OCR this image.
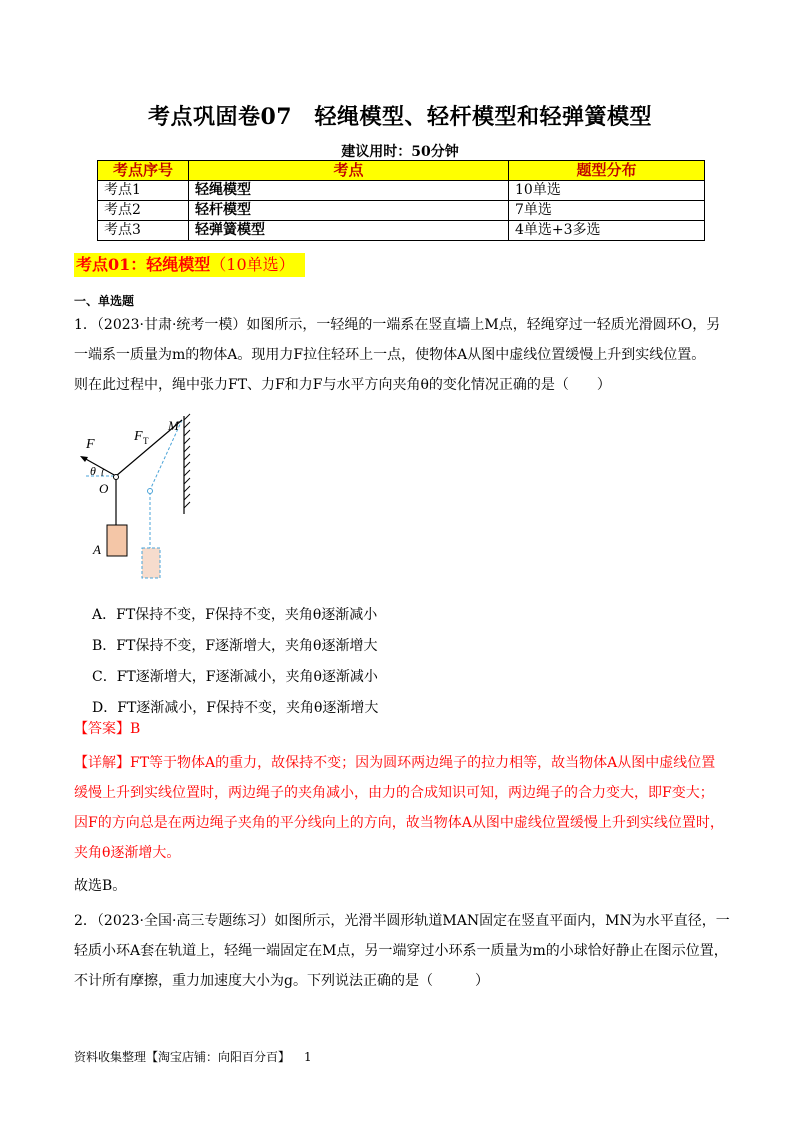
考点巩固卷07　轻绳模型、轻杆模型和轻弹簧模型
建议用时：50分钟
考点序号	考点	题型分布
考点1	轻绳模型	10单选
考点2	轻杆模型	7单选
考点3	轻弹簧模型	4单选+3多选
考点01：轻绳模型（10单选）
一、单选题
1．（2023·甘肃·统考一模）如图所示，一轻绳的一端系在竖直墙上M点，轻绳穿过一轻质光滑圆环O，另
一端系一质量为m的物体A。现用力F拉住轻环上一点，使物体A从图中虚线位置缓慢上升到实线位置。
则在此过程中，绳中张力FT、力F和力F与水平方向夹角θ的变化情况正确的是（　　）
F
F T
M
θ
O
A
A．FT保持不变，F保持不变，夹角θ逐渐减小
B．FT保持不变，F逐渐增大，夹角θ逐渐增大
C．FT逐渐增大，F逐渐减小，夹角θ逐渐减小
D．FT逐渐减小，F保持不变，夹角θ逐渐增大
【答案】B
【详解】FT等于物体A的重力，故保持不变；因为圆环两边绳子的拉力相等，故当物体A从图中虚线位置
缓慢上升到实线位置时，两边绳子的夹角减小，由力的合成知识可知，两边绳子的合力变大，即F变大；
因F的方向总是在两边绳子夹角的平分线向上的方向，故当物体A从图中虚线位置缓慢上升到实线位置时，
夹角θ逐渐增大。
故选B。
2．（2023·全国·高三专题练习）如图所示，光滑半圆形轨道MAN固定在竖直平面内，MN为水平直径，一
轻质小环A套在轨道上，轻绳一端固定在M点，另一端穿过小环系一质量为m的小球恰好静止在图示位置，
不计所有摩擦，重力加速度大小为g。下列说法正确的是（　　　）
资料收集整理【淘宝店铺：向阳百分百】 1
